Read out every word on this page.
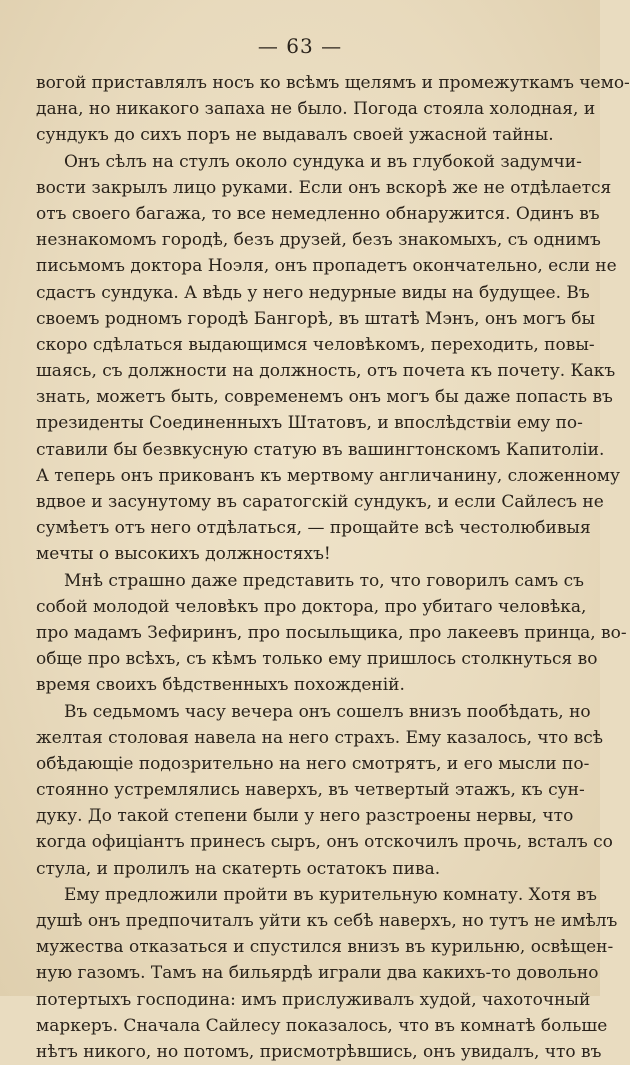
— 63 —
вогой приставлялъ носъ ко всѣмъ щелямъ и промежуткамъ чемо-
дана, но никакого запаха не было. Погода стояла холодная, и
сундукъ до сихъ поръ не выдавалъ своей ужасной тайны.
Онъ сѣлъ на стулъ около сундука и въ глубокой задумчи-
вости закрылъ лицо руками. Если онъ вскорѣ же не отдѣлается
отъ своего багажа, то все немедленно обнаружится. Одинъ въ
незнакомомъ городѣ, безъ друзей, безъ знакомыхъ, съ однимъ
письмомъ доктора Ноэля, онъ пропадетъ окончательно, если не
сдастъ сундука. А вѣдь у него недурные виды на будущее. Въ
своемъ родномъ городѣ Бангорѣ, въ штатѣ Мэнъ, онъ могъ бы
скоро сдѣлаться выдающимся человѣкомъ, переходить, повы-
шаясь, съ должности на должность, отъ почета къ почету. Какъ
знать, можетъ быть, современемъ онъ могъ бы даже попасть въ
президенты Соединенныхъ Штатовъ, и впослѣдствіи ему по-
ставили бы безвкусную статую въ вашингтонскомъ Капитоліи.
А теперь онъ прикованъ къ мертвому англичанину, сложенному
вдвое и засунутому въ саратогскій сундукъ, и если Сайлесъ не
сумѣетъ отъ него отдѣлаться, — прощайте всѣ честолюбивыя
мечты о высокихъ должностяхъ!
Мнѣ страшно даже представить то, что говорилъ самъ съ
собой молодой человѣкъ про доктора, про убитаго человѣка,
про мадамъ Зефиринъ, про посыльщика, про лакеевъ принца, во-
обще про всѣхъ, съ кѣмъ только ему пришлось столкнуться во
время своихъ бѣдственныхъ похожденій.
Въ седьмомъ часу вечера онъ сошелъ внизъ пообѣдать, но
желтая столовая навела на него страхъ. Ему казалось, что всѣ
обѣдающіе подозрительно на него смотрятъ, и его мысли по-
стоянно устремлялись наверхъ, въ четвертый этажъ, къ сун-
дуку. До такой степени были у него разстроены нервы, что
когда офиціантъ принесъ сыръ, онъ отскочилъ прочь, всталъ со
стула, и пролилъ на скатерть остатокъ пива.
Ему предложили пройти въ курительную комнату. Хотя въ
душѣ онъ предпочиталъ уйти къ себѣ наверхъ, но тутъ не имѣлъ
мужества отказаться и спустился внизъ въ курильню, освѣщен-
ную газомъ. Тамъ на бильярдѣ играли два какихъ-то довольно
потертыхъ господина: имъ прислуживалъ худой, чахоточный
маркеръ. Сначала Сайлесу показалось, что въ комнатѣ больше
нѣтъ никого, но потомъ, присмотрѣвшись, онъ увидалъ, что въ
